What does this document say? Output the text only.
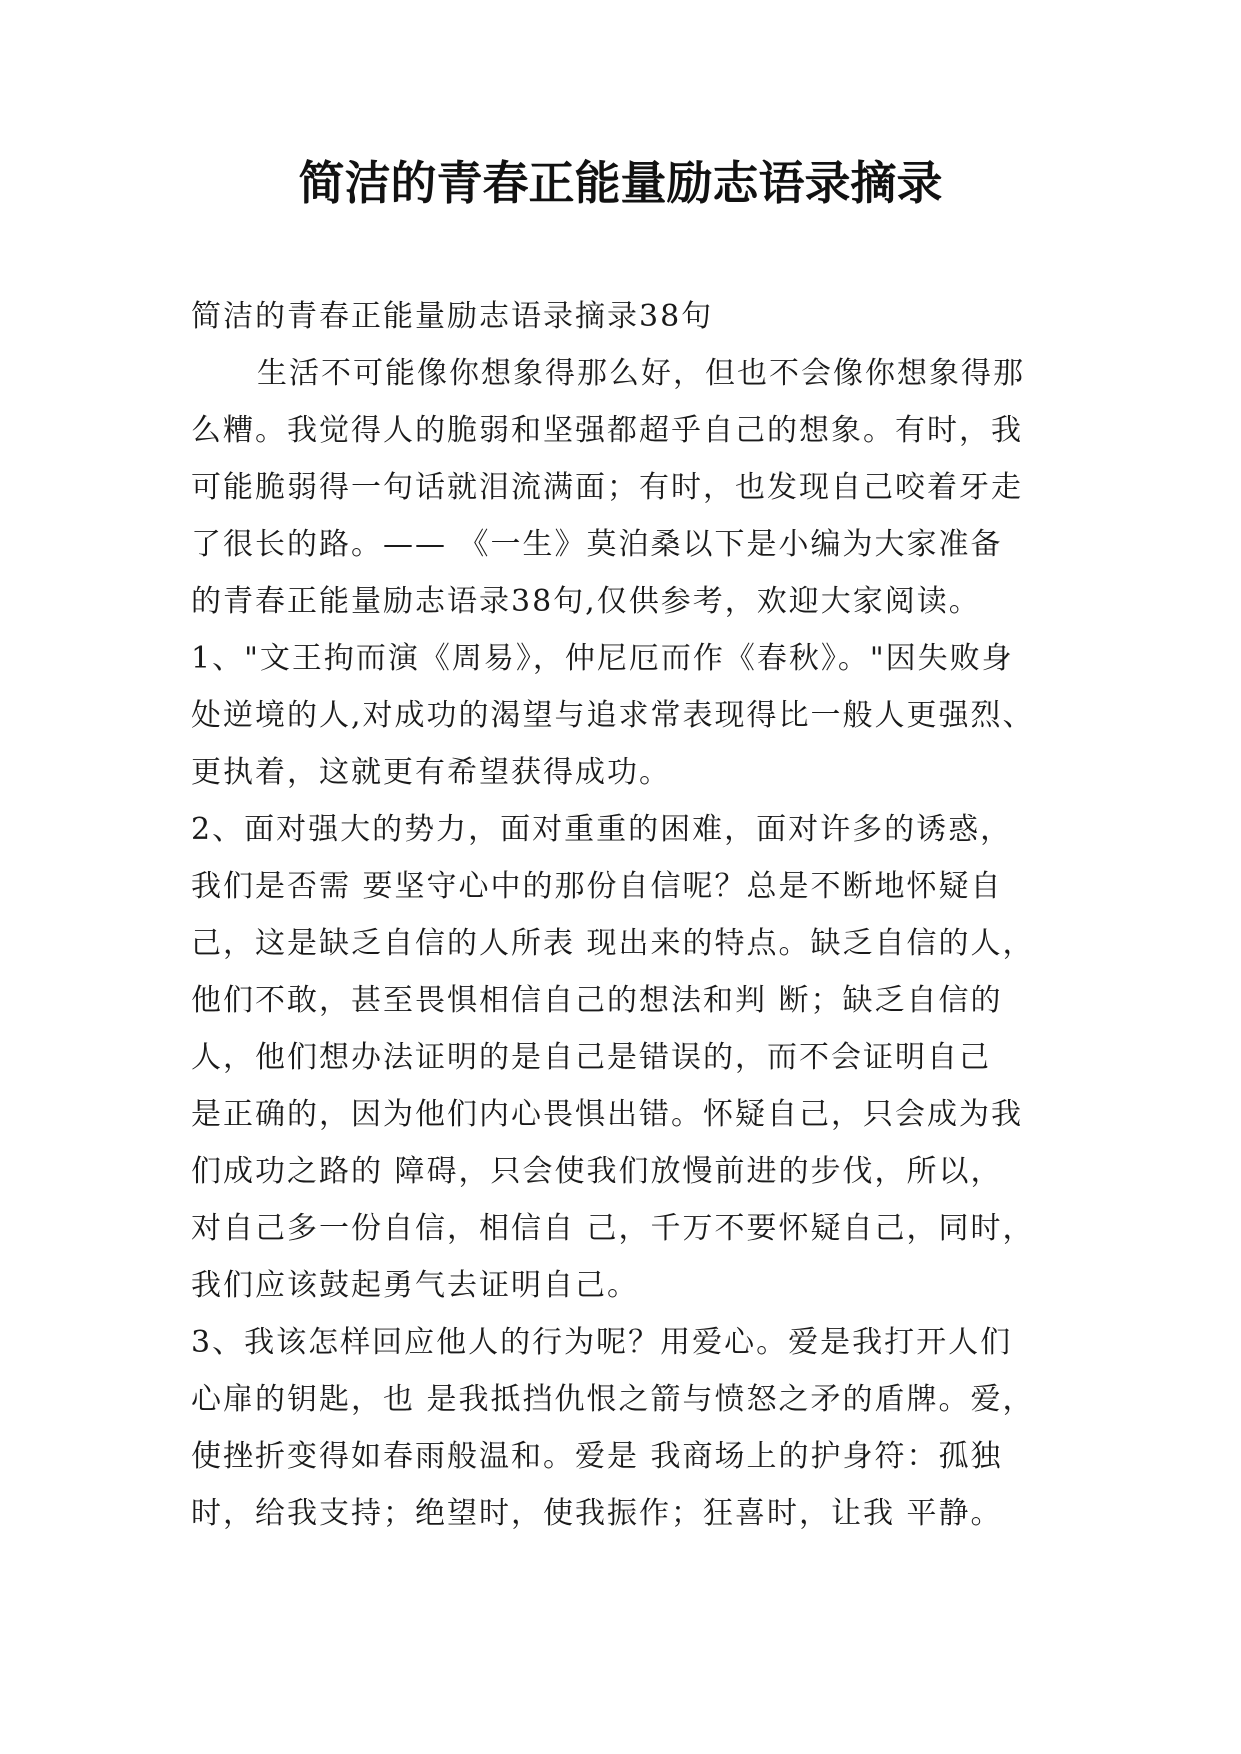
简洁的青春正能量励志语录摘录
简洁的青春正能量励志语录摘录38句
生活不可能像你想象得那么好，但也不会像你想象得那
么糟。我觉得人的脆弱和坚强都超乎自己的想象。有时，我
可能脆弱得一句话就泪流满面；有时，也发现自己咬着牙走
了很长的路。—— 《一生》莫泊桑以下是小编为大家准备
的青春正能量励志语录38句,仅供参考，欢迎大家阅读。
1、"文王拘而演《周易》，仲尼厄而作《春秋》。"因失败身
处逆境的人,对成功的渴望与追求常表现得比一般人更强烈、
更执着，这就更有希望获得成功。
2、面对强大的势力，面对重重的困难，面对许多的诱惑，
我们是否需 要坚守心中的那份自信呢？总是不断地怀疑自
己，这是缺乏自信的人所表 现出来的特点。缺乏自信的人，
他们不敢，甚至畏惧相信自己的想法和判 断；缺乏自信的
人，他们想办法证明的是自己是错误的，而不会证明自己
是正确的，因为他们内心畏惧出错。怀疑自己，只会成为我
们成功之路的 障碍，只会使我们放慢前进的步伐，所以，
对自己多一份自信，相信自 己，千万不要怀疑自己，同时，
我们应该鼓起勇气去证明自己。
3、我该怎样回应他人的行为呢？用爱心。爱是我打开人们
心扉的钥匙，也 是我抵挡仇恨之箭与愤怒之矛的盾牌。爱，
使挫折变得如春雨般温和。爱是 我商场上的护身符：孤独
时，给我支持；绝望时，使我振作；狂喜时，让我 平静。
